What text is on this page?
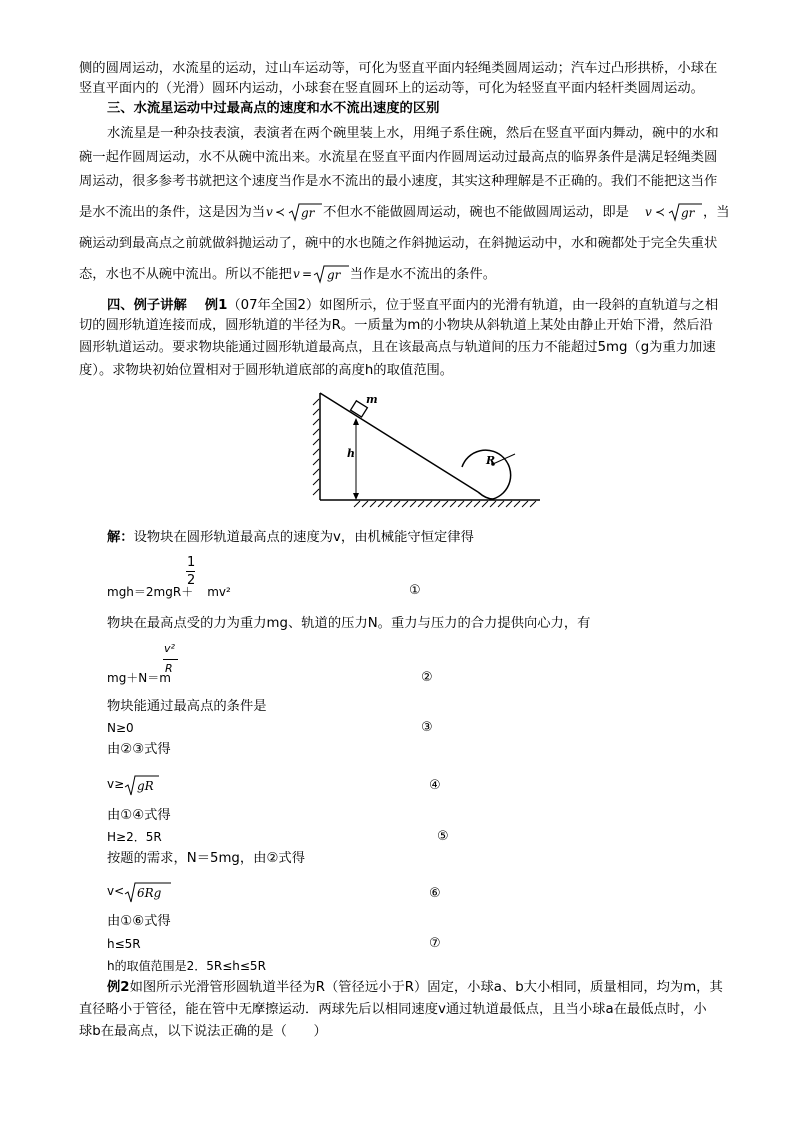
侧的圆周运动，水流星的运动，过山车运动等，可化为竖直平面内轻绳类圆周运动；汽车过凸形拱桥，小球在
竖直平面内的（光滑）圆环内运动，小球套在竖直圆环上的运动等，可化为轻竖直平面内轻杆类圆周运动。
三、水流星运动中过最高点的速度和水不流出速度的区别
水流星是一种杂技表演，表演者在两个碗里装上水，用绳子系住碗，然后在竖直平面内舞动，碗中的水和
碗一起作圆周运动，水不从碗中流出来。水流星在竖直平面内作圆周运动过最高点的临界条件是满足轻绳类圆
周运动，很多参考书就把这个速度当作是水不流出的最小速度，其实这种理解是不正确的。我们不能把这当作
是水不流出的条件，这是因为当 v ≺ gr 不但水不能做圆周运动，碗也不能做圆周运动，即是 v ≺ gr ，当
碗运动到最高点之前就做斜抛运动了，碗中的水也随之作斜抛运动，在斜抛运动中，水和碗都处于完全失重状
态，水也不从碗中流出。所以不能把 v = gr 当作是水不流出的条件。
四、例子讲解 例1（07年全国2）如图所示，位于竖直平面内的光滑有轨道，由一段斜的直轨道与之相
切的圆形轨道连接而成，圆形轨道的半径为R。一质量为m的小物块从斜轨道上某处由静止开始下滑，然后沿
圆形轨道运动。要求物块能通过圆形轨道最高点，且在该最高点与轨道间的压力不能超过5mg（g为重力加速
度）。求物块初始位置相对于圆形轨道底部的高度h的取值范围。
R
m
h
解：设物块在圆形轨道最高点的速度为v，由机械能守恒定律得
1
2
mgh＝2mgR＋ mv²	①
物块在最高点受的力为重力mg、轨道的压力N。重力与压力的合力提供向心力，有
v²
R
mg＋N＝m	②
物块能通过最高点的条件是
N≥0	③
由②③式得
v≥ gR	④
由①④式得
H≥2．5R	⑤
按题的需求，N＝5mg，由②式得
v< 6Rg	⑥
由①⑥式得
h≤5R	⑦
h的取值范围是2．5R≤h≤5R
例2如图所示光滑管形圆轨道半径为R（管径远小于R）固定，小球a、b大小相同，质量相同，均为m，其
直径略小于管径，能在管中无摩擦运动．两球先后以相同速度v通过轨道最低点，且当小球a在最低点时，小
球b在最高点，以下说法正确的是（　　）
